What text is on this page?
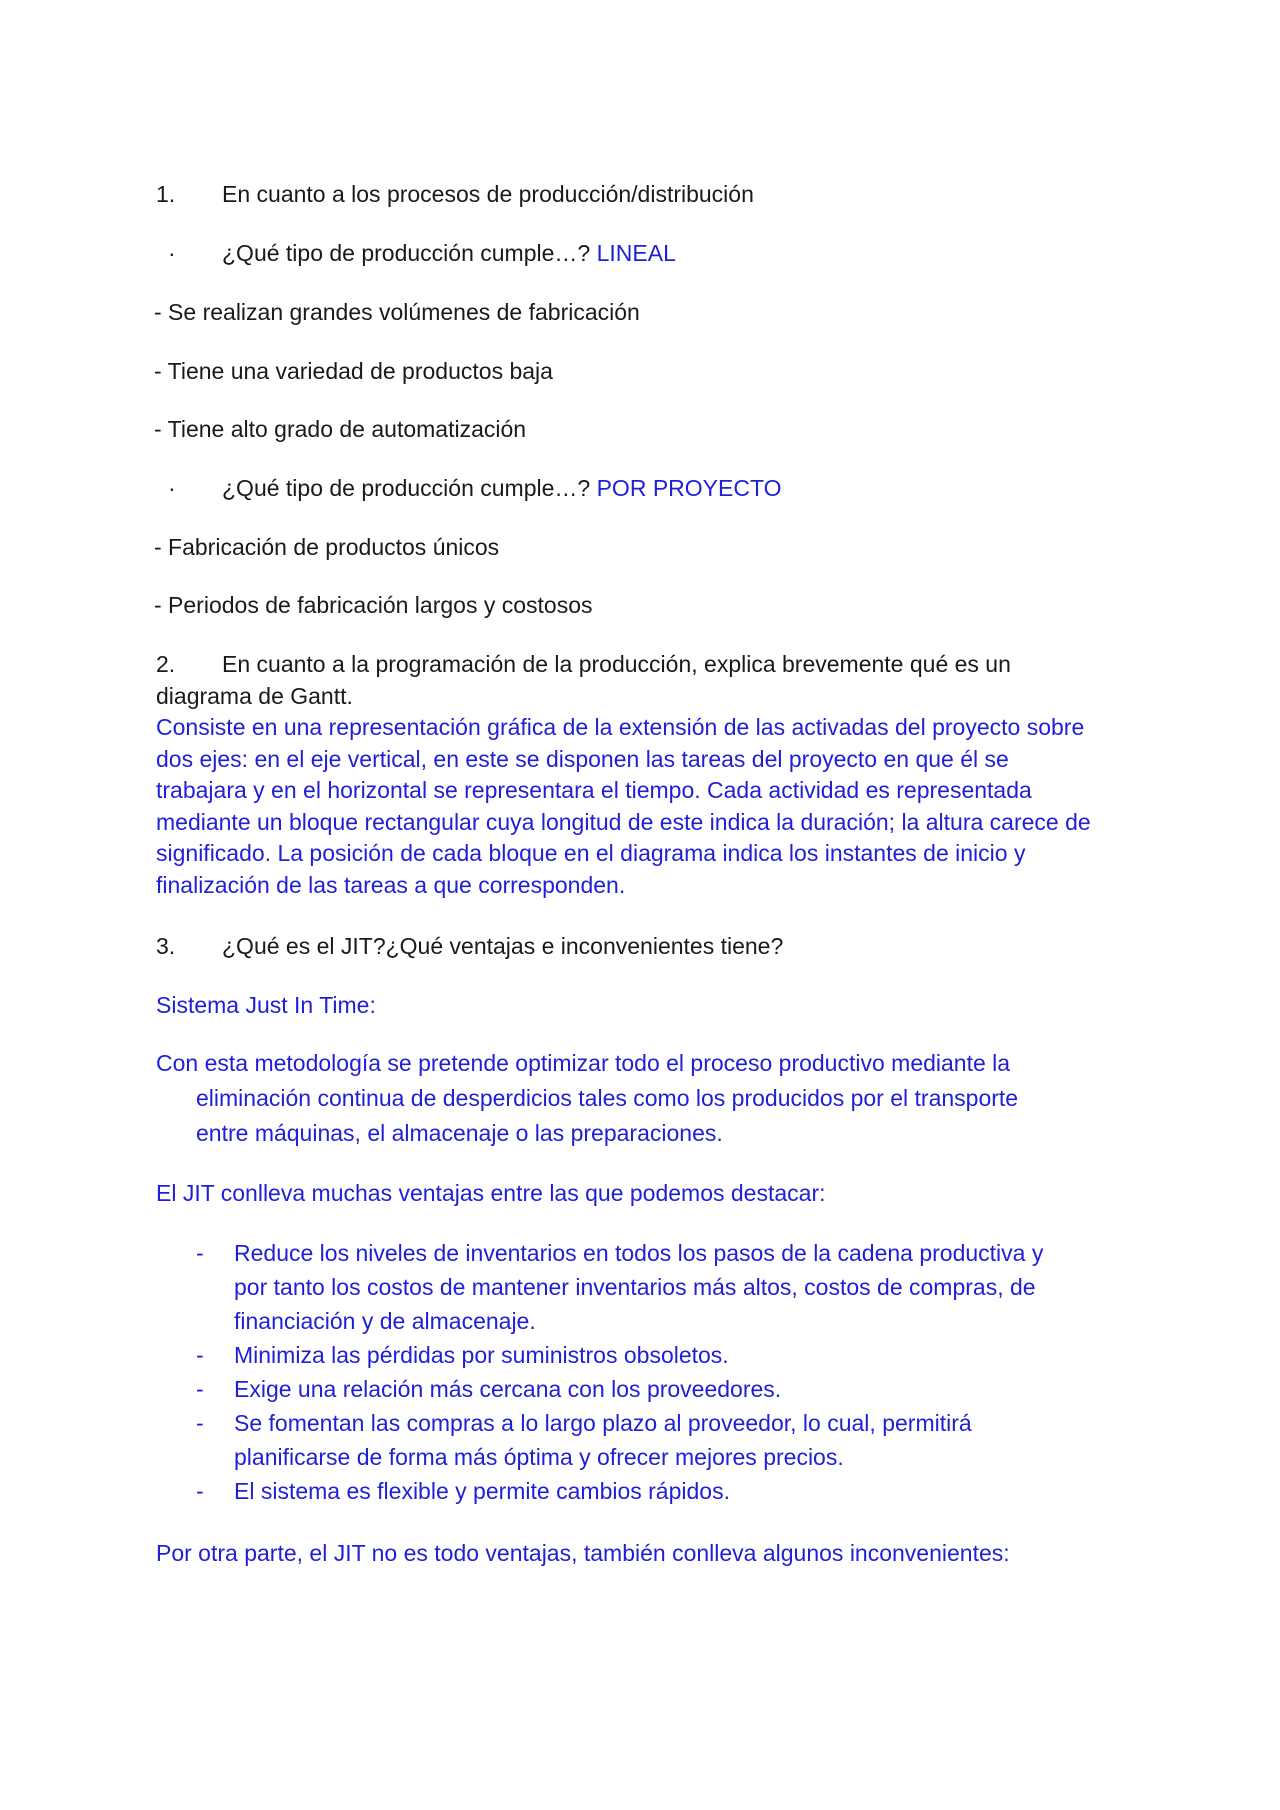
1. En cuanto a los procesos de producción/distribución
· ¿Qué tipo de producción cumple…? LINEAL
- Se realizan grandes volúmenes de fabricación
- Tiene una variedad de productos baja
- Tiene alto grado de automatización
· ¿Qué tipo de producción cumple…? POR PROYECTO
- Fabricación de productos únicos
- Periodos de fabricación largos y costosos
2. En cuanto a la programación de la producción, explica brevemente qué es un
diagrama de Gantt.
Consiste en una representación gráfica de la extensión de las activadas del proyecto sobre
dos ejes: en el eje vertical, en este se disponen las tareas del proyecto en que él se
trabajara y en el horizontal se representara el tiempo. Cada actividad es representada
mediante un bloque rectangular cuya longitud de este indica la duración; la altura carece de
significado. La posición de cada bloque en el diagrama indica los instantes de inicio y
finalización de las tareas a que corresponden.
3. ¿Qué es el JIT?¿Qué ventajas e inconvenientes tiene?
Sistema Just In Time:
Con esta metodología se pretende optimizar todo el proceso productivo mediante la
eliminación continua de desperdicios tales como los producidos por el transporte
entre máquinas, el almacenaje o las preparaciones.
El JIT conlleva muchas ventajas entre las que podemos destacar:
- Reduce los niveles de inventarios en todos los pasos de la cadena productiva y
por tanto los costos de mantener inventarios más altos, costos de compras, de
financiación y de almacenaje.
- Minimiza las pérdidas por suministros obsoletos.
- Exige una relación más cercana con los proveedores.
- Se fomentan las compras a lo largo plazo al proveedor, lo cual, permitirá
planificarse de forma más óptima y ofrecer mejores precios.
- El sistema es flexible y permite cambios rápidos.
Por otra parte, el JIT no es todo ventajas, también conlleva algunos inconvenientes:
